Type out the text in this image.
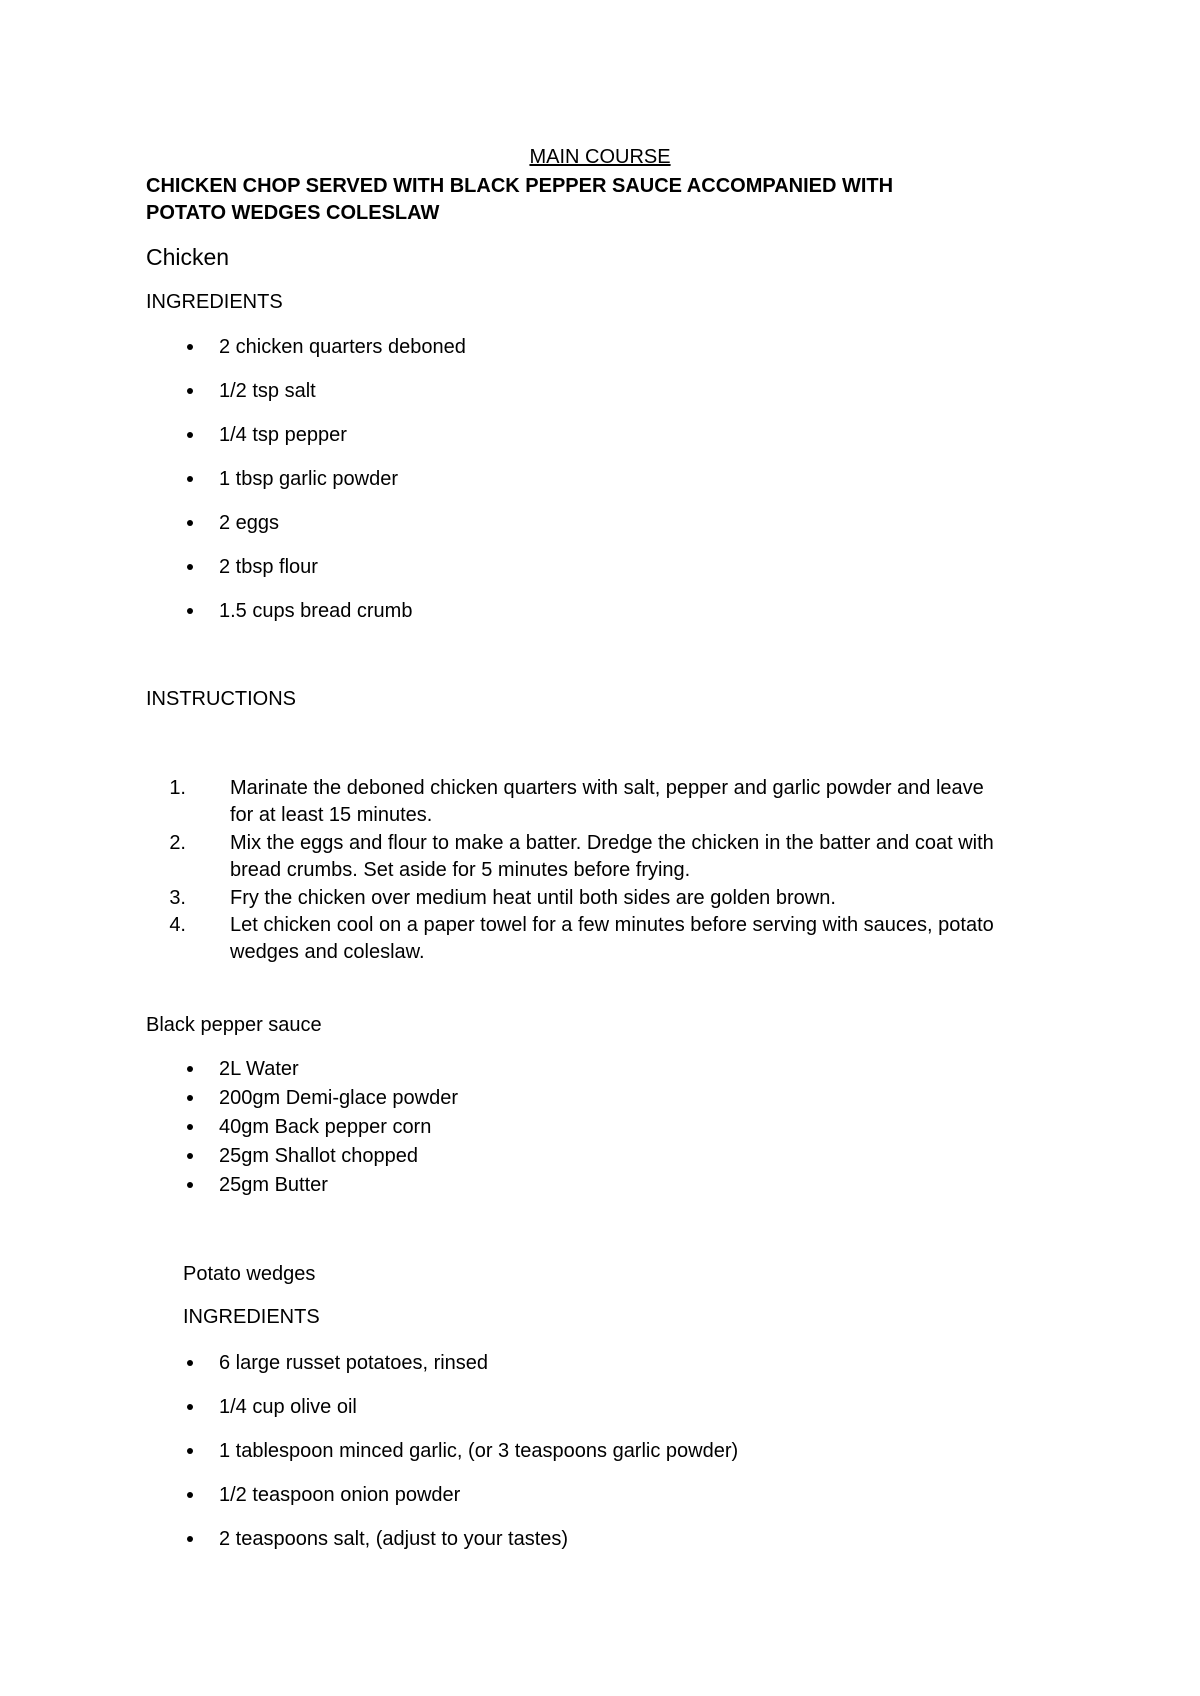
MAIN COURSE
CHICKEN CHOP SERVED WITH BLACK PEPPER SAUCE ACCOMPANIED WITH
POTATO WEDGES COLESLAW
Chicken
INGREDIENTS
2 chicken quarters deboned
1/2 tsp salt
1/4 tsp pepper
1 tbsp garlic powder
2 eggs
2 tbsp flour
1.5 cups bread crumb
INSTRUCTIONS
1. Marinate the deboned chicken quarters with salt, pepper and garlic powder and leave
for at least 15 minutes.
2. Mix the eggs and flour to make a batter. Dredge the chicken in the batter and coat with
bread crumbs. Set aside for 5 minutes before frying.
3. Fry the chicken over medium heat until both sides are golden brown.
4. Let chicken cool on a paper towel for a few minutes before serving with sauces, potato
wedges and coleslaw.
Black pepper sauce
2L Water
200gm Demi-glace powder
40gm Back pepper corn
25gm Shallot chopped
25gm Butter
Potato wedges
INGREDIENTS
6 large russet potatoes, rinsed
1/4 cup olive oil
1 tablespoon minced garlic, (or 3 teaspoons garlic powder)
1/2 teaspoon onion powder
2 teaspoons salt, (adjust to your tastes)
